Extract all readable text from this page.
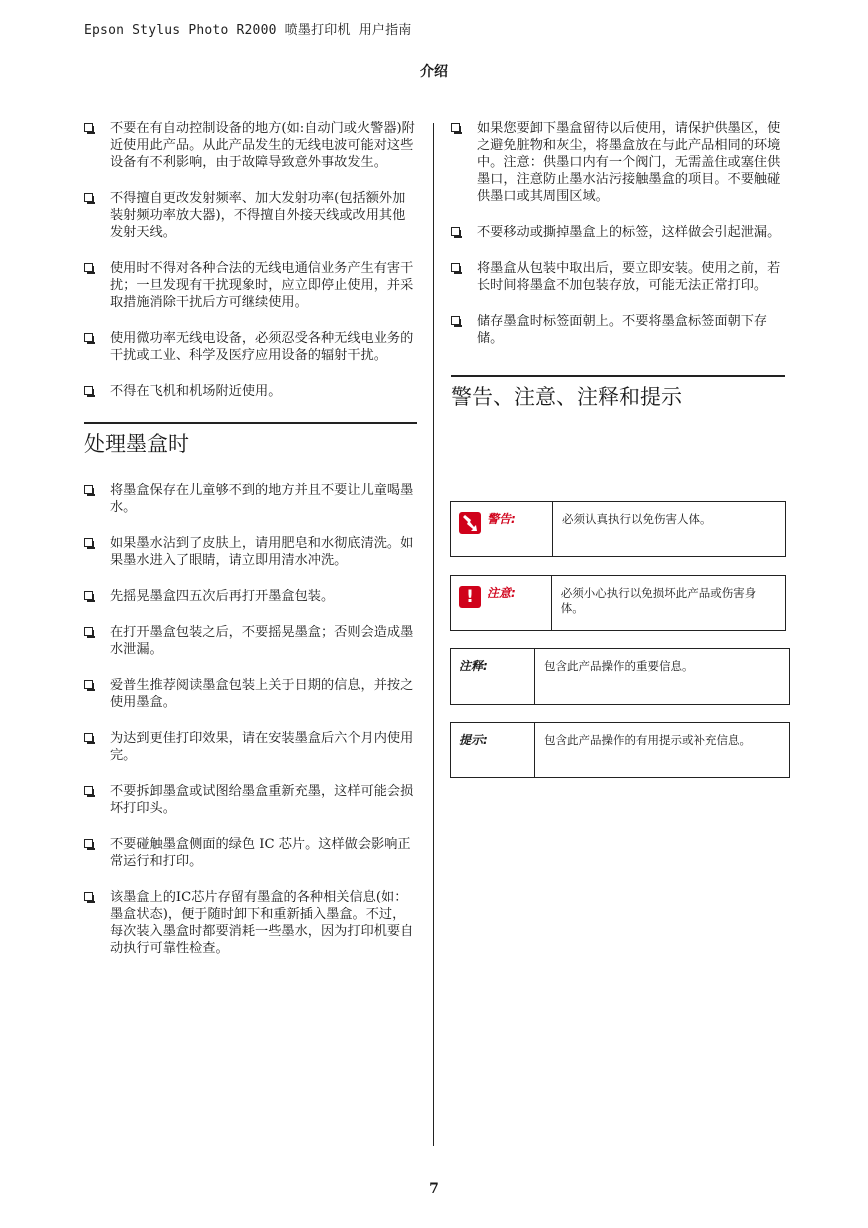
Epson Stylus Photo R2000 喷墨打印机 用户指南
介绍
不要在有自动控制设备的地方(如:自动门或火警器)附近使用此产品。从此产品发生的无线电波可能对这些设备有不利影响，由于故障导致意外事故发生。
不得擅自更改发射频率、加大发射功率(包括额外加装射频功率放大器)，不得擅自外接天线或改用其他发射天线。
使用时不得对各种合法的无线电通信业务产生有害干扰；一旦发现有干扰现象时，应立即停止使用，并采取措施消除干扰后方可继续使用。
使用微功率无线电设备，必须忍受各种无线电业务的干扰或工业、科学及医疗应用设备的辐射干扰。
不得在飞机和机场附近使用。
处理墨盒时
将墨盒保存在儿童够不到的地方并且不要让儿童喝墨水。
如果墨水沾到了皮肤上，请用肥皂和水彻底清洗。如果墨水进入了眼睛，请立即用清水冲洗。
先摇晃墨盒四五次后再打开墨盒包装。
在打开墨盒包装之后，不要摇晃墨盒；否则会造成墨水泄漏。
爱普生推荐阅读墨盒包装上关于日期的信息，并按之使用墨盒。
为达到更佳打印效果，请在安装墨盒后六个月内使用完。
不要拆卸墨盒或试图给墨盒重新充墨，这样可能会损坏打印头。
不要碰触墨盒侧面的绿色 IC 芯片。这样做会影响正常运行和打印。
该墨盒上的IC芯片存留有墨盒的各种相关信息(如：墨盒状态)，便于随时卸下和重新插入墨盒。不过，每次装入墨盒时都要消耗一些墨水，因为打印机要自动执行可靠性检查。
如果您要卸下墨盒留待以后使用，请保护供墨区，使之避免脏物和灰尘，将墨盒放在与此产品相同的环境中。注意：供墨口内有一个阀门，无需盖住或塞住供墨口，注意防止墨水沾污接触墨盒的项目。不要触碰供墨口或其周围区域。
不要移动或撕掉墨盒上的标签，这样做会引起泄漏。
将墨盒从包装中取出后，要立即安装。使用之前，若长时间将墨盒不加包装存放，可能无法正常打印。
储存墨盒时标签面朝上。不要将墨盒标签面朝下存储。
警告、注意、注释和提示
警告:	必须认真执行以免伤害人体。
!	注意:	必须小心执行以免损坏此产品或伤害身体。
注释:	包含此产品操作的重要信息。
提示:	包含此产品操作的有用提示或补充信息。
7
